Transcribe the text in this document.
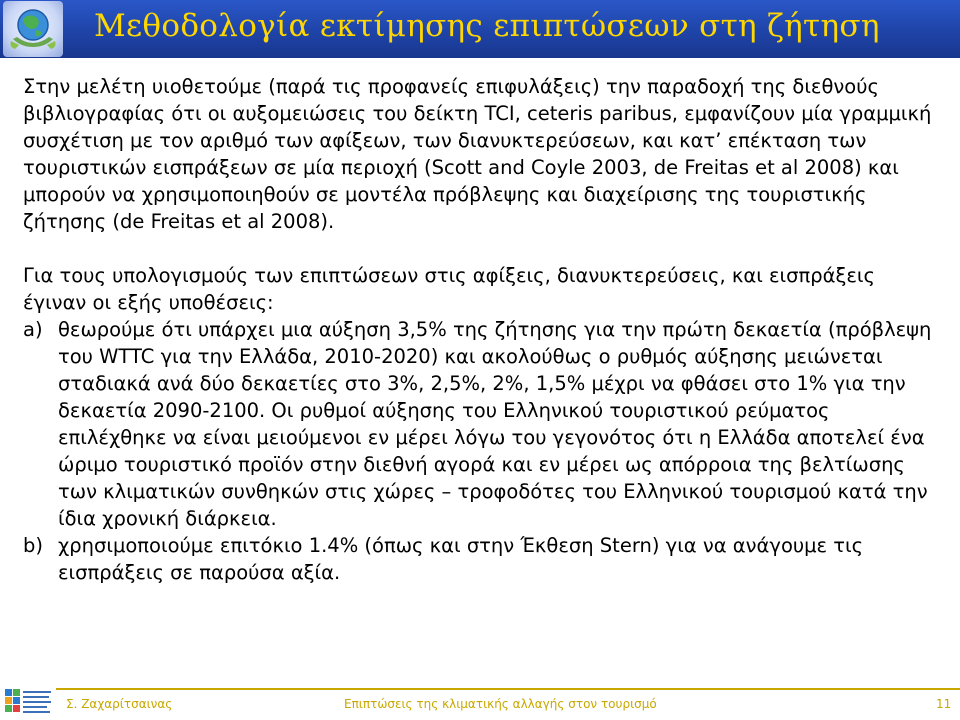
Μεθοδολογία εκτίμησης επιπτώσεων στη ζήτηση
Στην μελέτη υιοθετούμε (παρά τις προφανείς επιφυλάξεις) την παραδοχή της διεθνούς βιβλιογραφίας ότι οι αυξομειώσεις του δείκτη TCI, ceteris paribus, εμφανίζουν μία γραμμική συσχέτιση με τον αριθμό των αφίξεων, των διανυκτερεύσεων, και κατ’ επέκταση των τουριστικών εισπράξεων σε μία περιοχή (Scott and Coyle 2003, de Freitas et al 2008) και μπορούν να χρησιμοποιηθούν σε μοντέλα πρόβλεψης και διαχείρισης της τουριστικής ζήτησης (de Freitas et al 2008).
Για τους υπολογισμούς των επιπτώσεων στις αφίξεις, διανυκτερεύσεις, και εισπράξεις έγιναν οι εξής υποθέσεις:
a) θεωρούμε ότι υπάρχει μια αύξηση 3,5% της ζήτησης για την πρώτη δεκαετία (πρόβλεψη του WTTC για την Ελλάδα, 2010-2020) και ακολούθως ο ρυθμός αύξησης μειώνεται σταδιακά ανά δύο δεκαετίες στο 3%, 2,5%, 2%, 1,5% μέχρι να φθάσει στο 1% για την δεκαετία 2090-2100. Οι ρυθμοί αύξησης του Ελληνικού τουριστικού ρεύματος επιλέχθηκε να είναι μειούμενοι εν μέρει λόγω του γεγονότος ότι η Ελλάδα αποτελεί ένα ώριμο τουριστικό προϊόν στην διεθνή αγορά και εν μέρει ως απόρροια της βελτίωσης των κλιματικών συνθηκών στις χώρες – τροφοδότες του Ελληνικού τουρισμού κατά την ίδια χρονική διάρκεια.
b) χρησιμοποιούμε επιτόκιο 1.4% (όπως και στην Έκθεση Stern) για να ανάγουμε τις εισπράξεις σε παρούσα αξία.
Σ. Ζαχαρίτσαινας	Επιπτώσεις της κλιματικής αλλαγής στον τουρισμό	11
